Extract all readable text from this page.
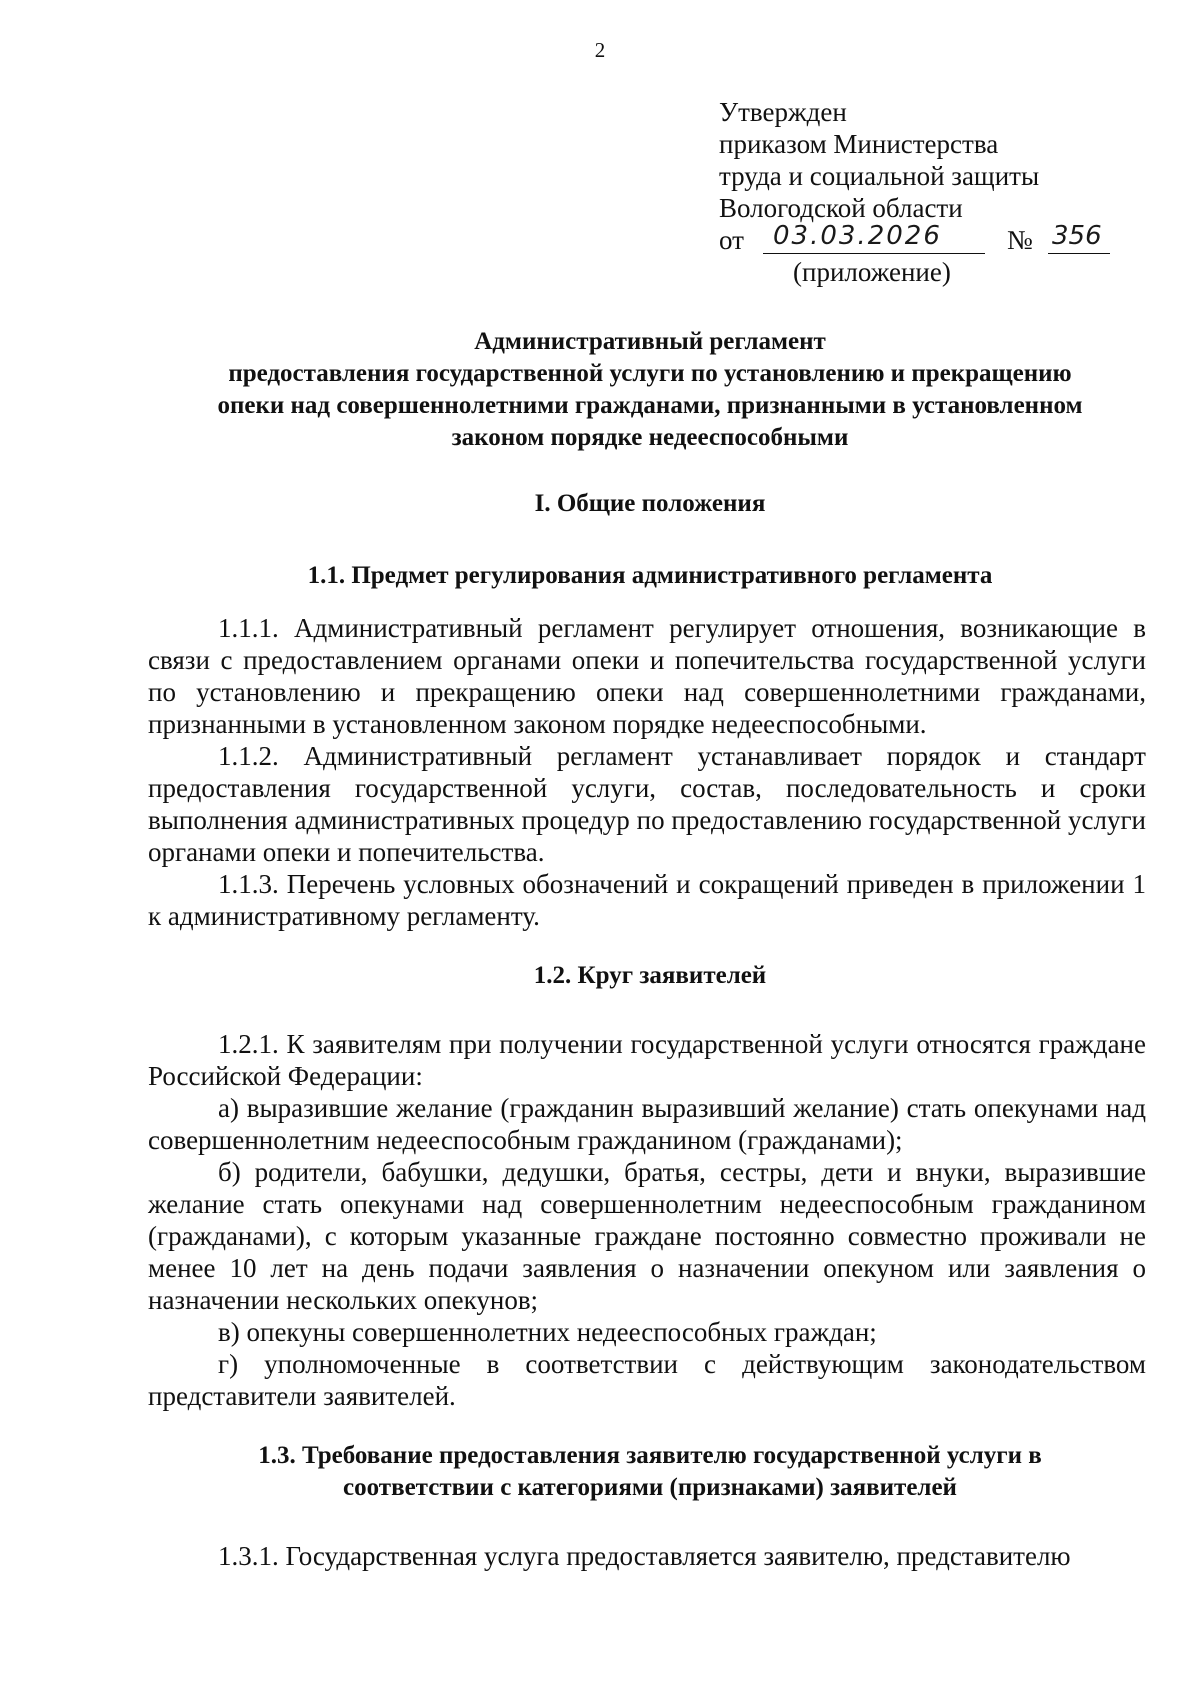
2
Утвержден
приказом Министерства
труда и социальной защиты
Вологодской области
от	03.03.2026	№ 356
(приложение)
Административный регламент
предоставления государственной услуги по установлению и прекращению
опеки над совершеннолетними гражданами, признанными в установленном
законом порядке недееспособными
I. Общие положения
1.1. Предмет регулирования административного регламента
1.1.1. Административный регламент регулирует отношения, возникающие в связи с предоставлением органами опеки и попечительства государственной услуги по установлению и прекращению опеки над совершеннолетними гражданами, признанными в установленном законом порядке недееспособными.
1.1.2. Административный регламент устанавливает порядок и стандарт предоставления государственной услуги, состав, последовательность и сроки выполнения административных процедур по предоставлению государственной услуги органами опеки и попечительства.
1.1.3. Перечень условных обозначений и сокращений приведен в приложении 1 к административному регламенту.
1.2. Круг заявителей
1.2.1. К заявителям при получении государственной услуги относятся граждане Российской Федерации:
а) выразившие желание (гражданин выразивший желание) стать опекунами над совершеннолетним недееспособным гражданином (гражданами);
б) родители, бабушки, дедушки, братья, сестры, дети и внуки, выразившие желание стать опекунами над совершеннолетним недееспособным гражданином (гражданами), с которым указанные граждане постоянно совместно проживали не менее 10 лет на день подачи заявления о назначении опекуном или заявления о назначении нескольких опекунов;
в) опекуны совершеннолетних недееспособных граждан;
г) уполномоченные в соответствии с действующим законодательством представители заявителей.
1.3. Требование предоставления заявителю государственной услуги в
соответствии с категориями (признаками) заявителей
1.3.1. Государственная услуга предоставляется заявителю, представителю
